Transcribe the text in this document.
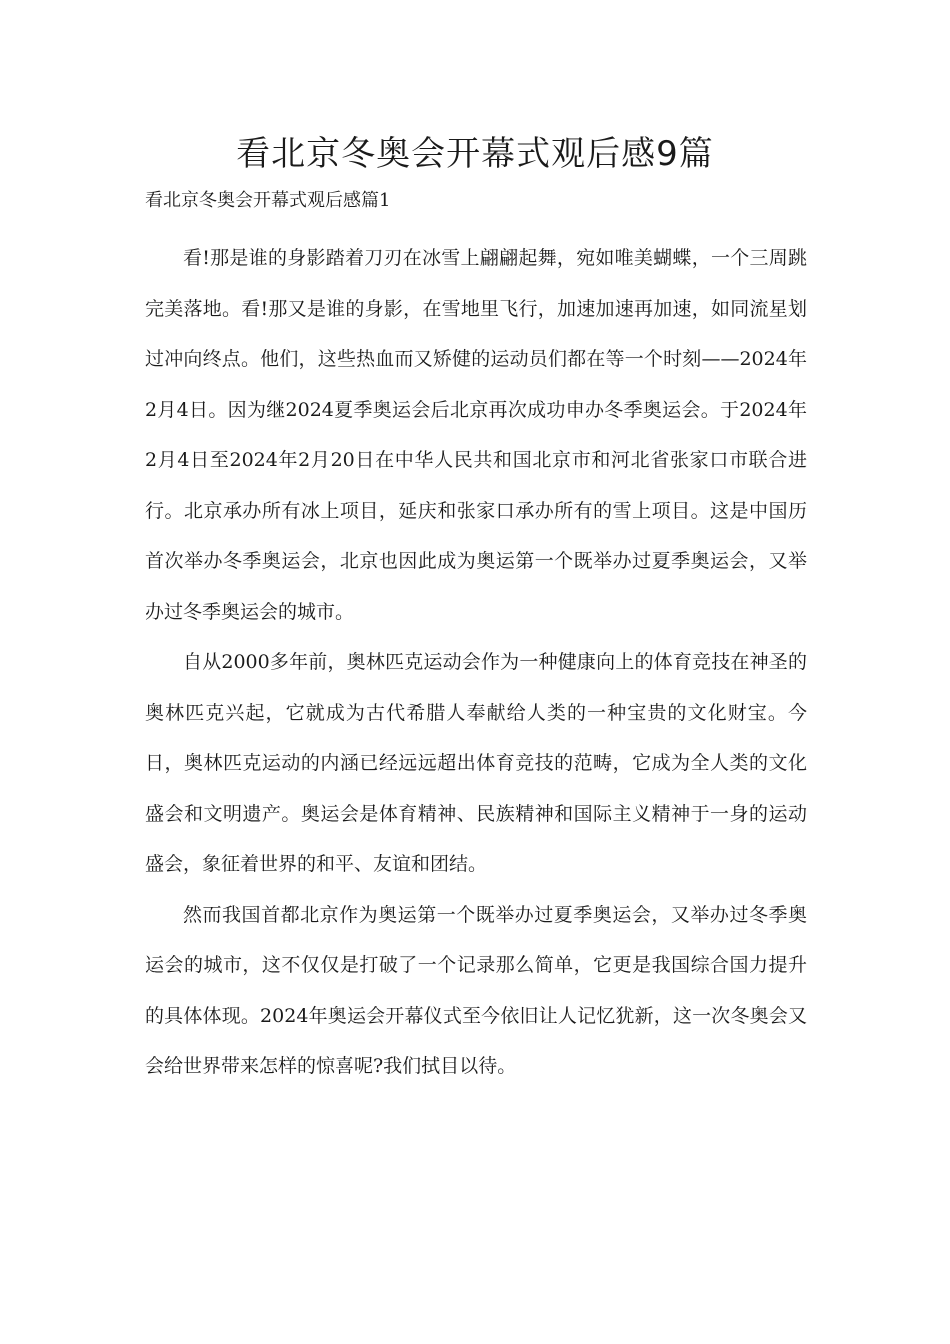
看北京冬奥会开幕式观后感9篇

看北京冬奥会开幕式观后感篇1

看!那是谁的身影踏着刀刃在冰雪上翩翩起舞，宛如唯美蝴蝶，一个三周跳完美落地。看!那又是谁的身影，在雪地里飞行，加速加速再加速，如同流星划过冲向终点。他们，这些热血而又矫健的运动员们都在等一个时刻——2024年2月4日。因为继2024夏季奥运会后北京再次成功申办冬季奥运会。于2024年2月4日至2024年2月20日在中华人民共和国北京市和河北省张家口市联合进行。北京承办所有冰上项目，延庆和张家口承办所有的雪上项目。这是中国历首次举办冬季奥运会，北京也因此成为奥运第一个既举办过夏季奥运会，又举办过冬季奥运会的城市。

自从2000多年前，奥林匹克运动会作为一种健康向上的体育竞技在神圣的奥林匹克兴起，它就成为古代希腊人奉献给人类的一种宝贵的文化财宝。今日，奥林匹克运动的内涵已经远远超出体育竞技的范畴，它成为全人类的文化盛会和文明遗产。奥运会是体育精神、民族精神和国际主义精神于一身的运动盛会，象征着世界的和平、友谊和团结。

然而我国首都北京作为奥运第一个既举办过夏季奥运会，又举办过冬季奥运会的城市，这不仅仅是打破了一个记录那么简单，它更是我国综合国力提升的具体体现。2024年奥运会开幕仪式至今依旧让人记忆犹新，这一次冬奥会又会给世界带来怎样的惊喜呢?我们拭目以待。
